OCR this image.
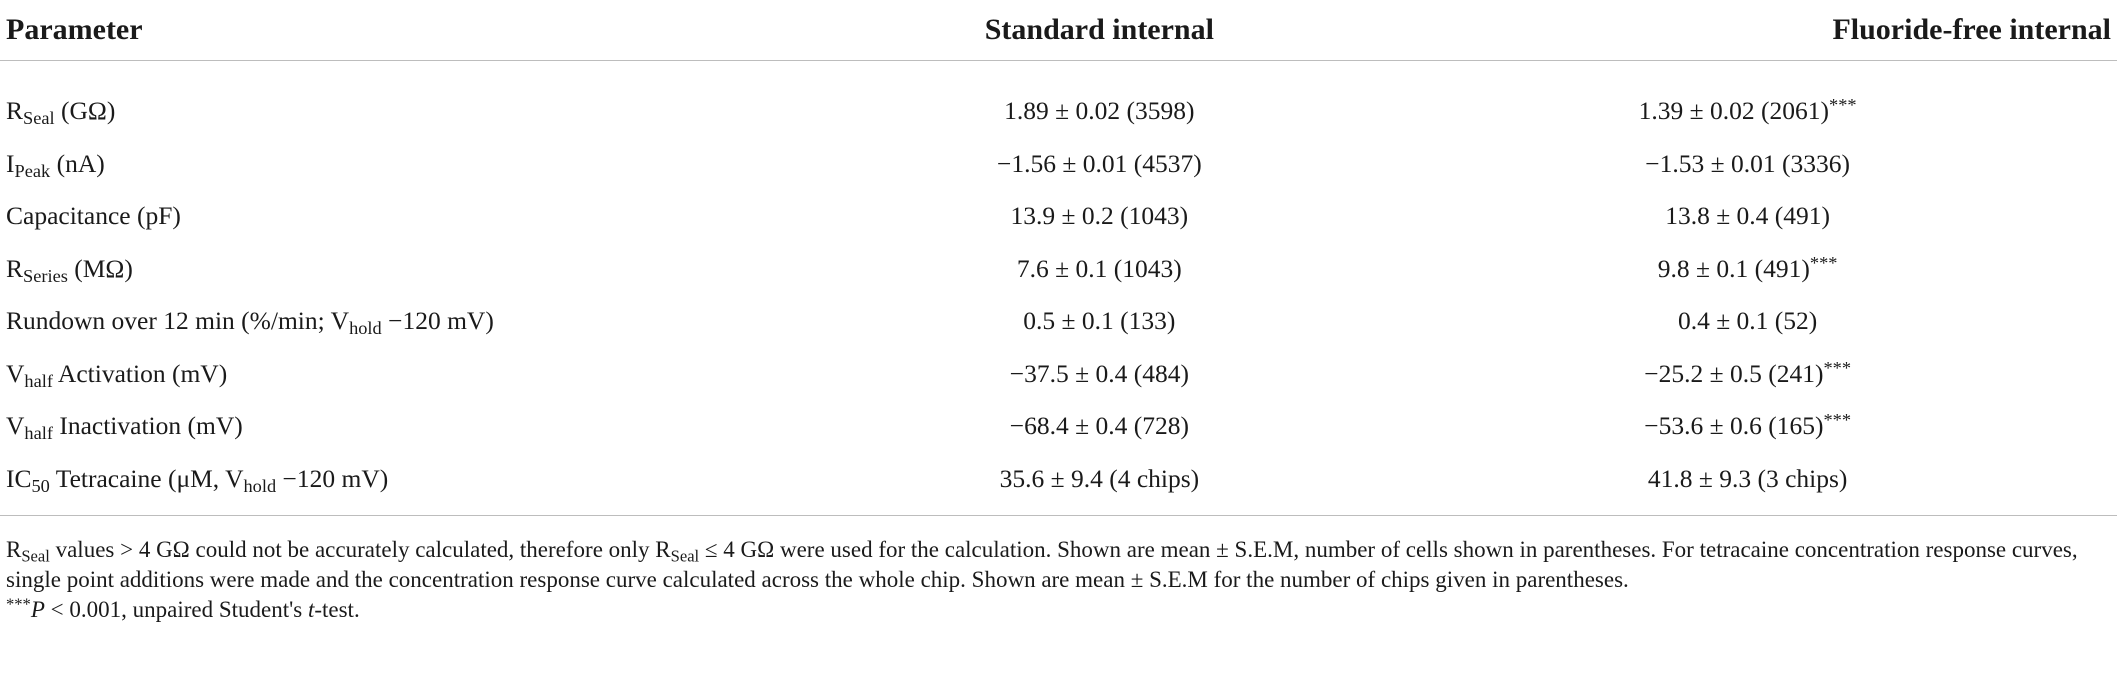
Parameter	Standard internal	Fluoride-free internal
$R_{Seal}$ (GΩ)	1.89 ± 0.02 (3598)	1.39 ± 0.02 (2061)***
$I_{Peak}$ (nA)	−1.56 ± 0.01 (4537)	−1.53 ± 0.01 (3336)
Capacitance (pF)	13.9 ± 0.2 (1043)	13.8 ± 0.4 (491)
$R_{Series}$ (MΩ)	7.6 ± 0.1 (1043)	9.8 ± 0.1 (491)***
Rundown over 12 min (%/min; $V_{hold} -120$ mV)	0.5 ± 0.1 (133)	0.4 ± 0.1 (52)
$V_{half}$ Activation (mV)	−37.5 ± 0.4 (484)	−25.2 ± 0.5 (241)***
$V_{half}$ Inactivation (mV)	−68.4 ± 0.4 (728)	−53.6 ± 0.6 (165)***
$IC_{50}$ Tetracaine (μM, $V_{hold} -120$ mV)	35.6 ± 9.4 (4 chips)	41.8 ± 9.3 (3 chips)

$R_{Seal}$ values > 4 GΩ could not be accurately calculated, therefore only $R_{Seal} \le 4$ GΩ were used for the calculation. Shown are mean ± S.E.M, number of cells shown in parentheses. For tetracaine concentration response curves, single point additions were made and the concentration response curve calculated across the whole chip. Shown are mean ± S.E.M for the number of chips given in parentheses.

***P < 0.001, unpaired Student's t-test.
